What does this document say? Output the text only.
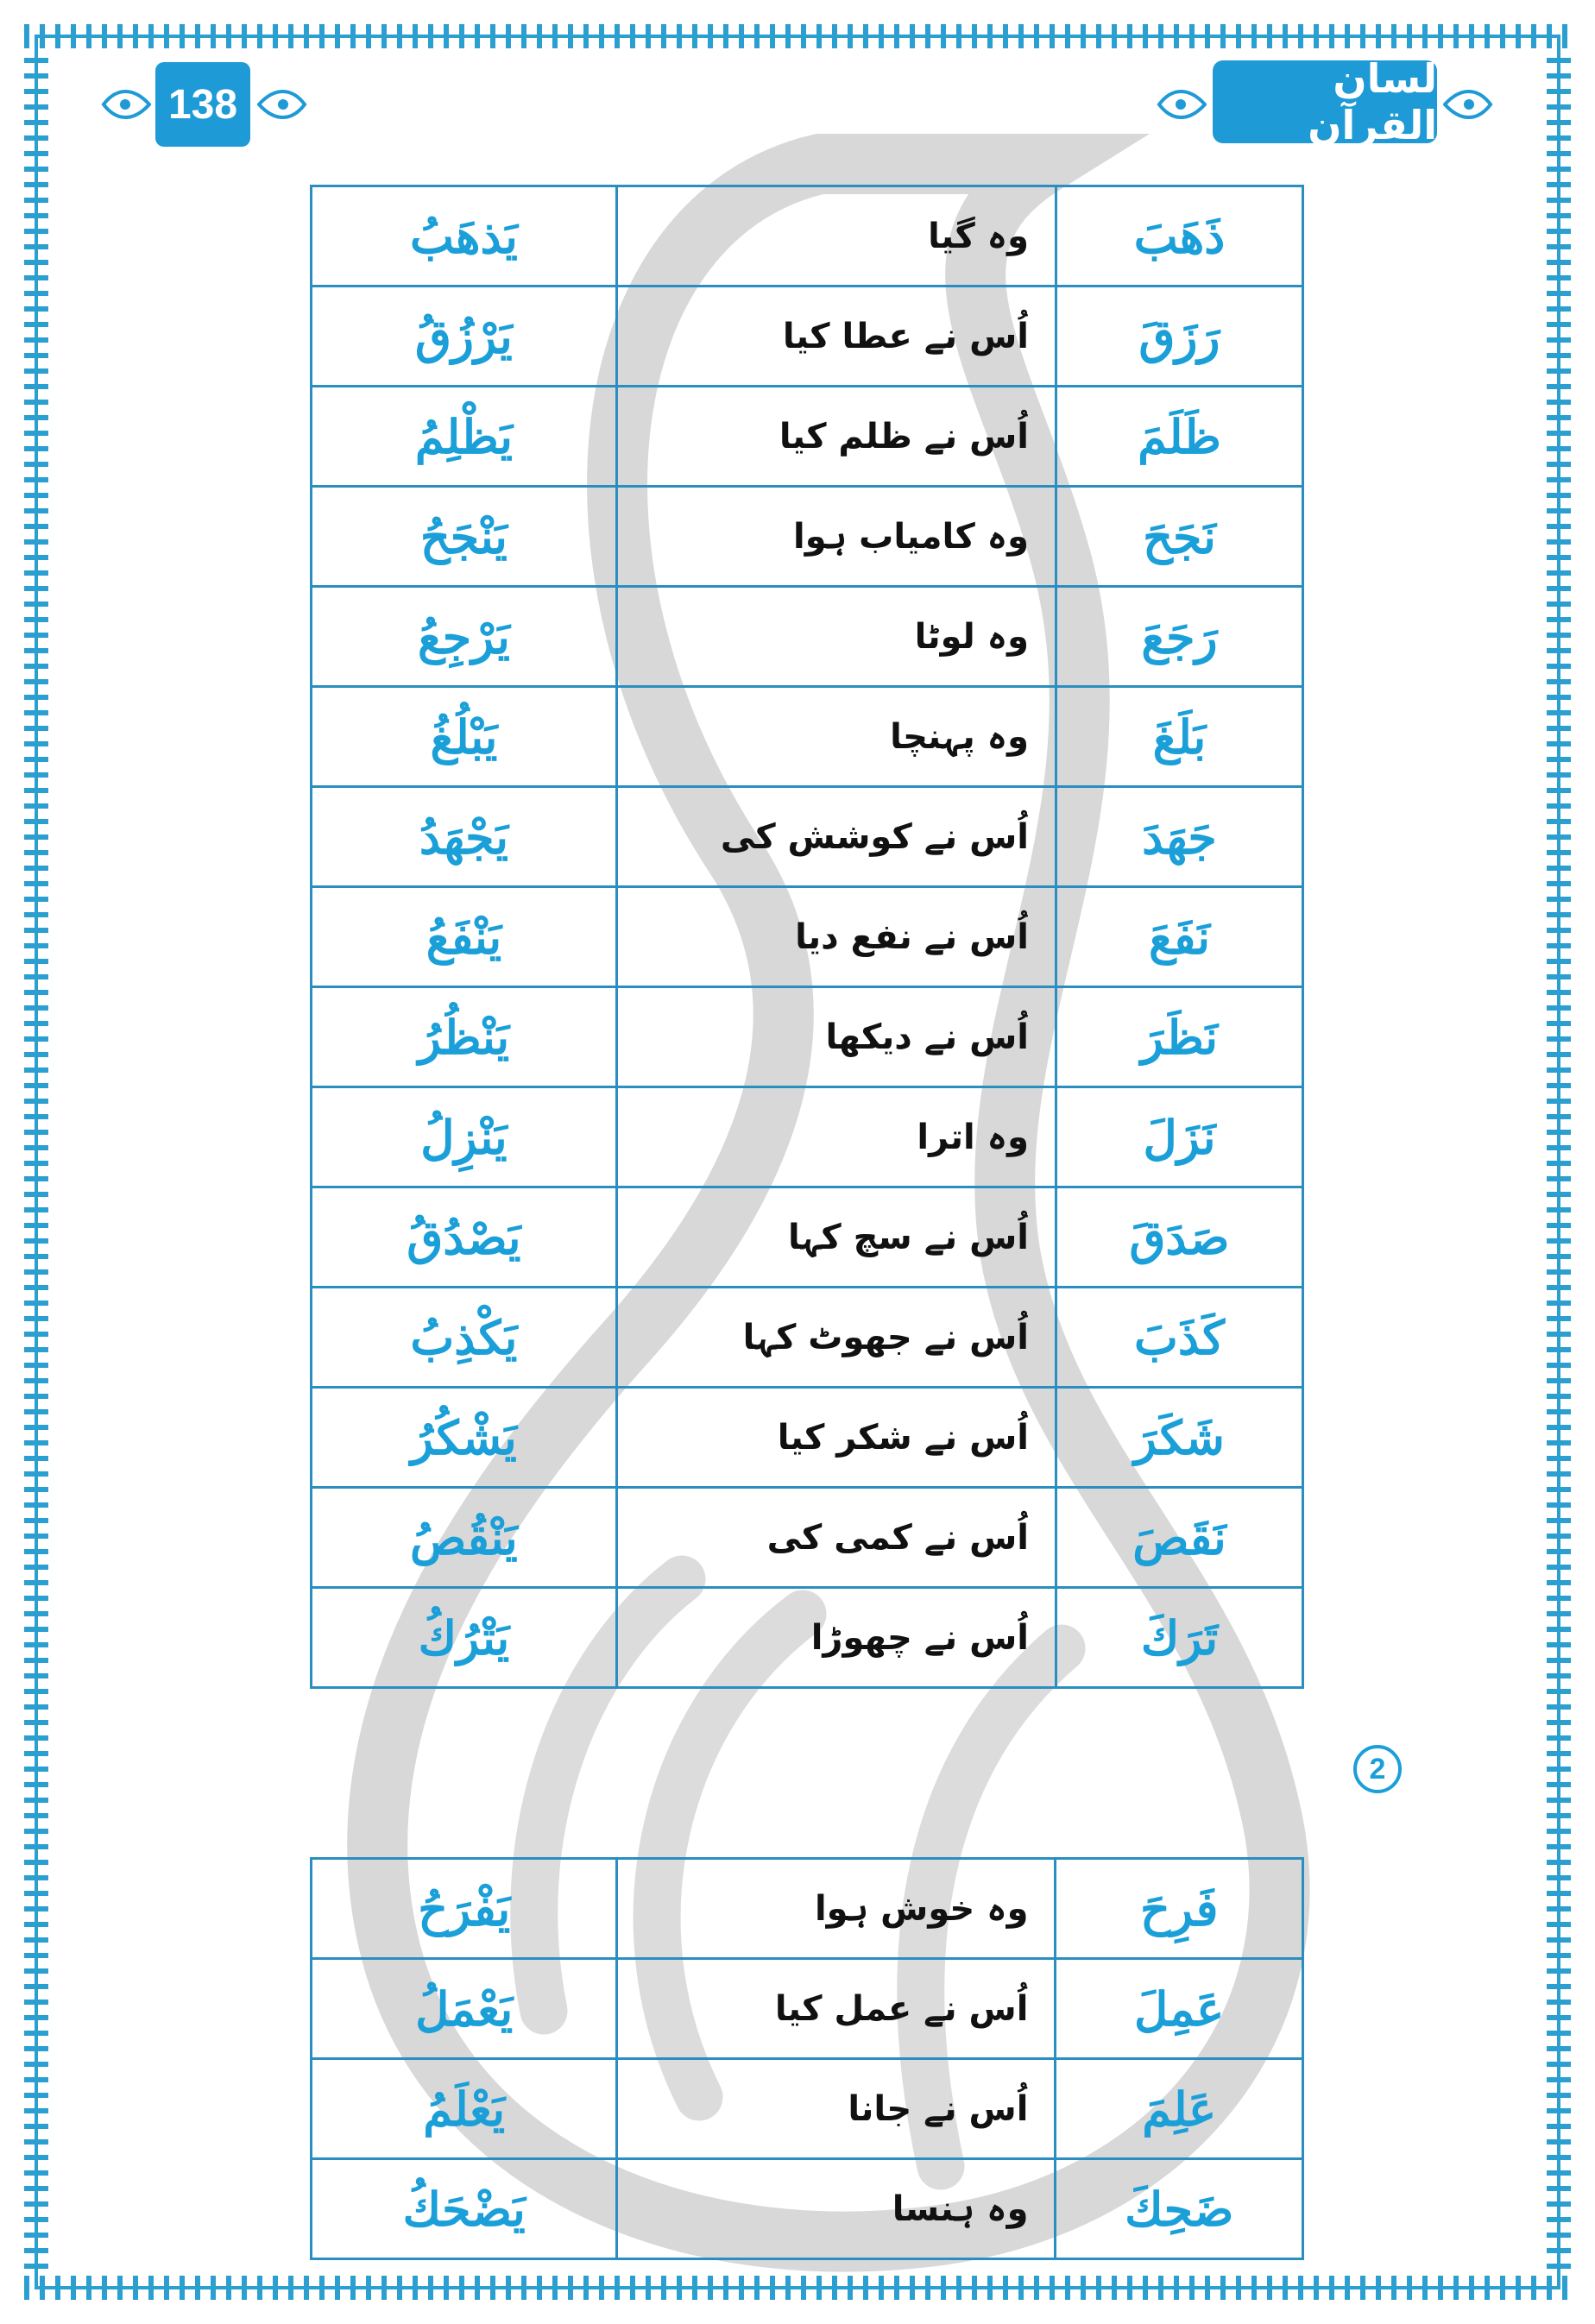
138
لسان القرآن
ذَهَبَ	وہ گیا	يَذهَبُ
رَزَقَ	اُس نے عطا کیا	يَرْزُقُ
ظَلَمَ	اُس نے ظلم کیا	يَظْلِمُ
نَجَحَ	وہ کامیاب ہوا	يَنْجَحُ
رَجَعَ	وہ لوٹا	يَرْجِعُ
بَلَغَ	وہ پہنچا	يَبْلُغُ
جَهَدَ	اُس نے کوشش کی	يَجْهَدُ
نَفَعَ	اُس نے نفع دیا	يَنْفَعُ
نَظَرَ	اُس نے دیکھا	يَنْظُرُ
نَزَلَ	وہ اترا	يَنْزِلُ
صَدَقَ	اُس نے سچ کہا	يَصْدُقُ
كَذَبَ	اُس نے جھوٹ کہا	يَكْذِبُ
شَكَرَ	اُس نے شکر کیا	يَشْكُرُ
نَقَصَ	اُس نے کمی کی	يَنْقُصُ
تَرَكَ	اُس نے چھوڑا	يَتْرُكُ
2
فَرِحَ	وہ خوش ہوا	يَفْرَحُ
عَمِلَ	اُس نے عمل کیا	يَعْمَلُ
عَلِمَ	اُس نے جانا	يَعْلَمُ
ضَحِكَ	وہ ہنسا	يَضْحَكُ
